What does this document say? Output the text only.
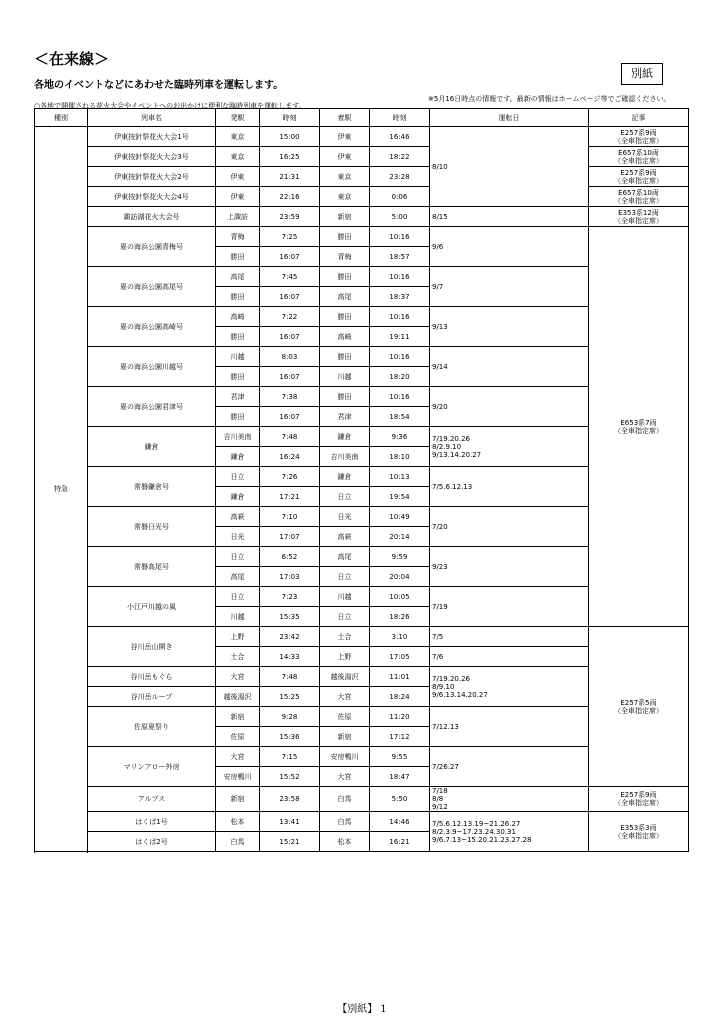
＜在来線＞
各地のイベントなどにあわせた臨時列車を運転します。
別紙
※5月16日時点の情報です。最新の情報はホームページ等でご確認ください。
○各地で開催される花火大会やイベントへのお出かけに便利な臨時列車を運転します。
種別	列車名	発駅	時刻	着駅	時刻	運転日	記事
特急	伊東按針祭花火大会1号	東京	15:00	伊東	16:46	8/10	E257系9両
（全車指定席）
	伊東按針祭花火大会3号	東京	16:25	伊東	18:22		E657系10両
（全車指定席）
	伊東按針祭花火大会2号	伊東	21:31	東京	23:28		E257系9両
（全車指定席）
	伊東按針祭花火大会4号	伊東	22:16	東京	0:06		E657系10両
（全車指定席）
	諏訪湖花火大会号	上諏訪	23:59	新宿	5:00	8/15	E353系12両
（全車指定席）
	夏の海浜公園青梅号	青梅	7:25	勝田	10:16	9/6	E653系7両
（全車指定席）
		勝田	16:07	青梅	18:57		
	夏の海浜公園高尾号	高尾	7:45	勝田	10:16	9/7	
		勝田	16:07	高尾	18:37		
	夏の海浜公園高崎号	高崎	7:22	勝田	10:16	9/13	
		勝田	16:07	高崎	19:11		
	夏の海浜公園川越号	川越	8:03	勝田	10:16	9/14	
		勝田	16:07	川越	18:20		
	夏の海浜公園君津号	君津	7:38	勝田	10:16	9/20	
		勝田	16:07	君津	18:54		
	鎌倉	吉川美南	7:48	鎌倉	9:36	7/19.20.26
8/2.9.10
9/13.14.20.27	
		鎌倉	16:24	吉川美南	18:10		
	常磐鎌倉号	日立	7:26	鎌倉	10:13	7/5.6.12.13	
		鎌倉	17:21	日立	19:54		
	常磐日光号	高萩	7:10	日光	10:49	7/20	
		日光	17:07	高萩	20:14		
	常磐高尾号	日立	6:52	高尾	9:59	9/23	
		高尾	17:03	日立	20:04		
	小江戸川越の風	日立	7:23	川越	10:05	7/19	
		川越	15:35	日立	18:26		
	谷川岳山開き	上野	23:42	土合	3:10	7/5	E257系5両
（全車指定席）
		土合	14:33	上野	17:05	7/6	
	谷川岳もぐら	大宮	7:48	越後湯沢	11:01	7/19.20.26
8/9.10
9/6.13.14.20.27	
	谷川岳ループ	越後湯沢	15:25	大宮	18:24		
	佐原夏祭り	新宿	9:28	佐原	11:20	7/12.13	
		佐原	15:36	新宿	17:12		
	マリンアロー外房	大宮	7:15	安房鴨川	9:55	7/26.27	
		安房鴨川	15:52	大宮	18:47		
	アルプス	新宿	23:58	白馬	5:50	7/18
8/8
9/12	E257系9両
（全車指定席）
	はくば1号	松本	13:41	白馬	14:46	7/5.6.12.13.19~21.26.27
8/2.3.9~17.23.24.30.31
9/6.7.13~15.20.21.23.27.28	E353系3両
（全車指定席）
	はくば2号	白馬	15:21	松本	16:21		

【別紙】 1
